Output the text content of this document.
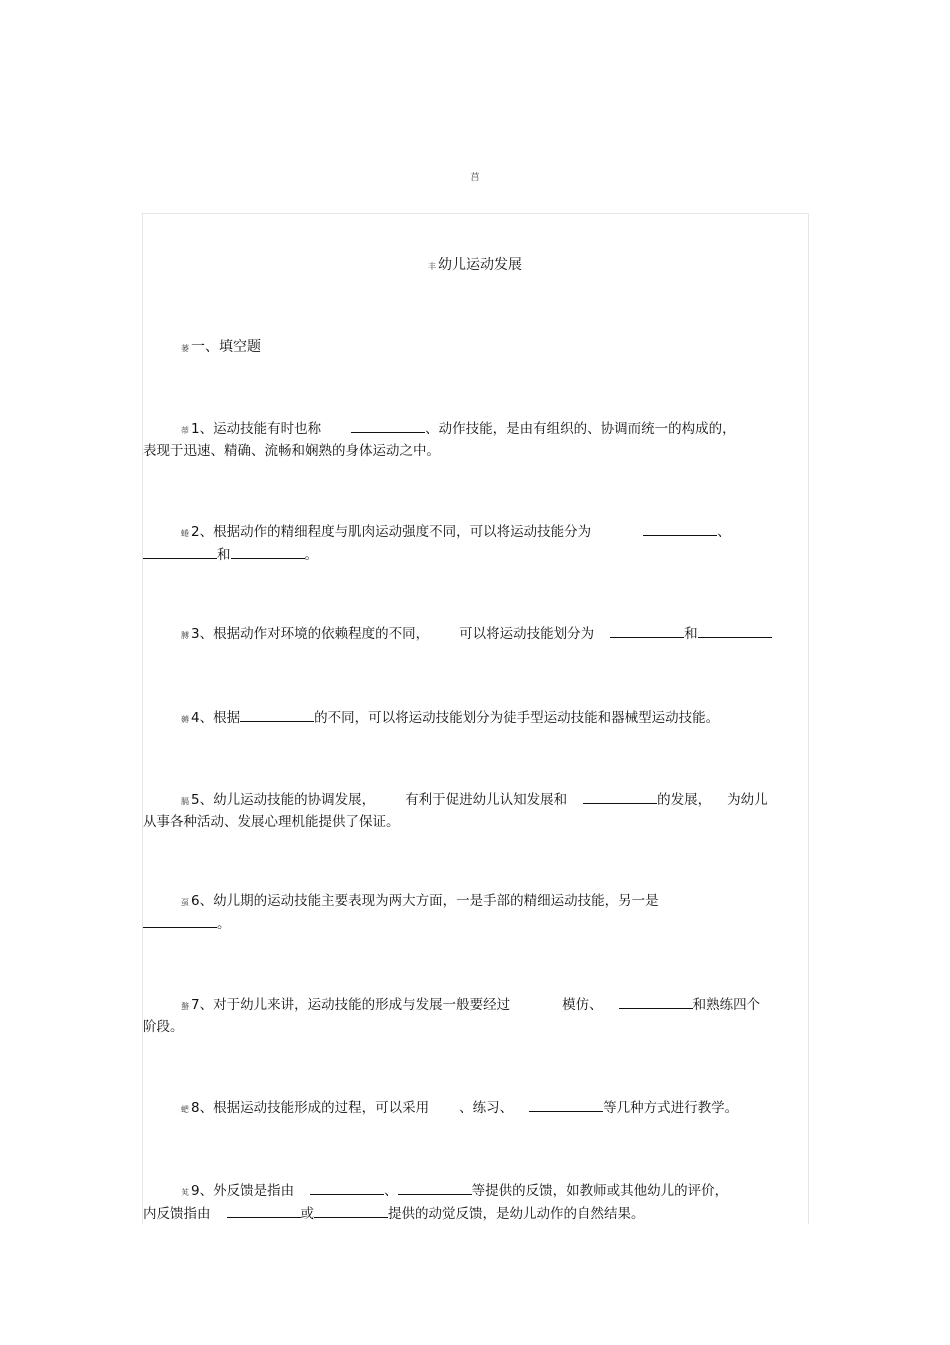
莒
丰 幼儿运动发展
蒌 一、填空题
蒂 1、运动技能有时也称	、动作技能，是由有组织的、协调而统一的构成的，
表现于迅速、精确、流畅和娴熟的身体运动之中。
蜷 2、根据动作的精细程度与肌肉运动强度不同，可以将运动技能分为	、
和	。
膊 3、根据动作对环境的依赖程度的不同， 可以将运动技能划分为	和
薅 4、根据	的不同，可以将运动技能划分为徒手型运动技能和器械型运动技能。
膈 5、幼儿运动技能的协调发展， 有利于促进幼儿认知发展和	的发展， 为幼儿
从事各种活动、发展心理机能提供了保证。
虿 6、幼儿期的运动技能主要表现为两大方面，一是手部的精细运动技能，另一是
。
螯 7、对于幼儿来讲，运动技能的形成与发展一般要经过	模仿、	和熟练四个
阶段。
蚆 8、根据运动技能形成的过程，可以采用 、练习、	等几种方式进行教学。
芄 9、外反馈是指由	、	等提供的反馈，如教师或其他幼儿的评价，
内反馈指由	或	提供的动觉反馈，是幼儿动作的自然结果。
